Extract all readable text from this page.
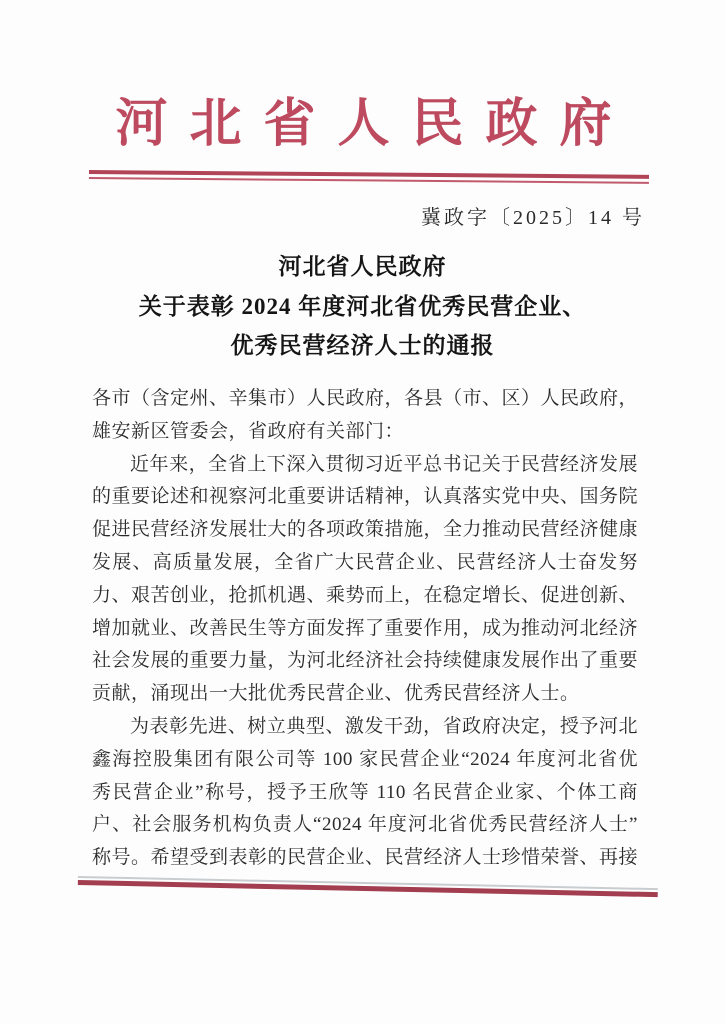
河北省人民政府
冀政字〔2025〕14 号
河北省人民政府
关于表彰 2024 年度河北省优秀民营企业、
优秀民营经济人士的通报
各市（含定州、辛集市）人民政府，各县（市、区）人民政府，
雄安新区管委会，省政府有关部门：
近年来，全省上下深入贯彻习近平总书记关于民营经济发展
的重要论述和视察河北重要讲话精神，认真落实党中央、国务院
促进民营经济发展壮大的各项政策措施，全力推动民营经济健康
发展、高质量发展，全省广大民营企业、民营经济人士奋发努
力、艰苦创业，抢抓机遇、乘势而上，在稳定增长、促进创新、
增加就业、改善民生等方面发挥了重要作用，成为推动河北经济
社会发展的重要力量，为河北经济社会持续健康发展作出了重要
贡献，涌现出一大批优秀民营企业、优秀民营经济人士。
为表彰先进、树立典型、激发干劲，省政府决定，授予河北
鑫海控股集团有限公司等 100 家民营企业“2024 年度河北省优
秀民营企业”称号，授予王欣等 110 名民营企业家、个体工商
户、社会服务机构负责人“2024 年度河北省优秀民营经济人士”
称号。希望受到表彰的民营企业、民营经济人士珍惜荣誉、再接
